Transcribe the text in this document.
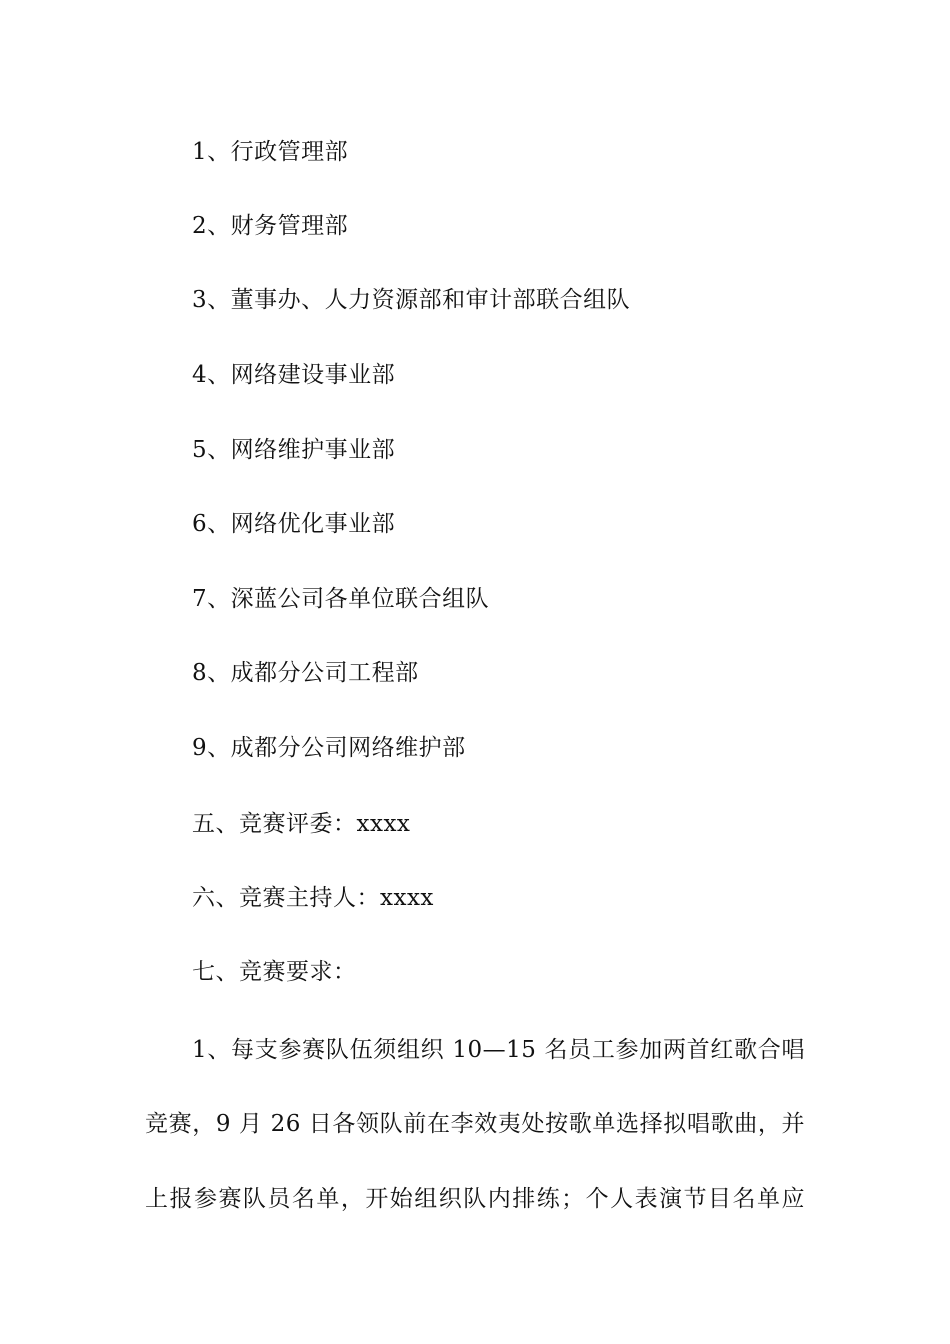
1、行政管理部
2、财务管理部
3、董事办、人力资源部和审计部联合组队
4、网络建设事业部
5、网络维护事业部
6、网络优化事业部
7、深蓝公司各单位联合组队
8、成都分公司工程部
9、成都分公司网络维护部
五、竞赛评委：xxxx
六、竞赛主持人：xxxx
七、竞赛要求：
1、每支参赛队伍须组织 10—15 名员工参加两首红歌合唱
竞赛，9 月 26 日各领队前在李效夷处按歌单选择拟唱歌曲，并
上报参赛队员名单，开始组织队内排练；个人表演节目名单应
